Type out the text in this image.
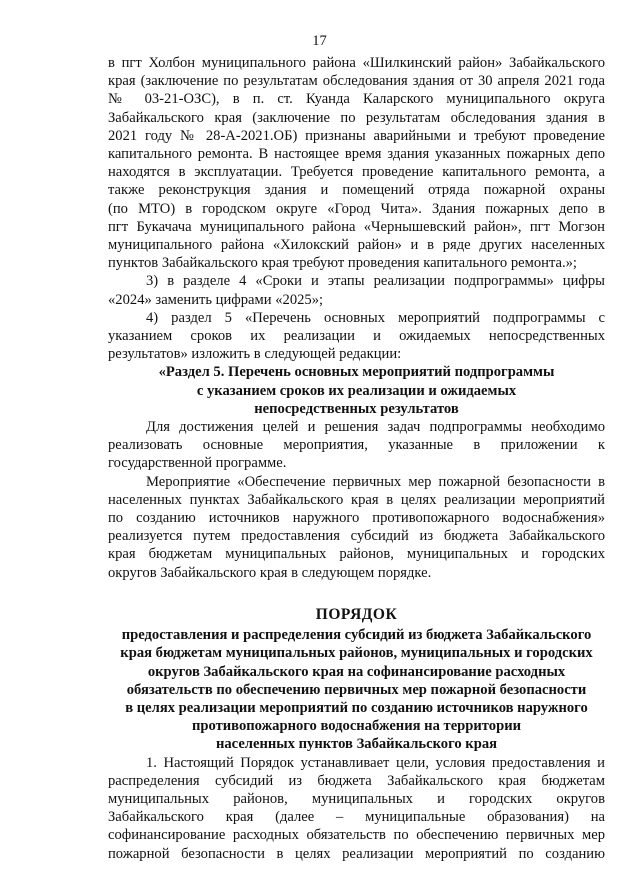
17

в пгт Холбон муниципального района «Шилкинский район» Забайкальского

края (заключение по результатам обследования здания от 30 апреля 2021 года

№ 03-21-ОЗС), в п. ст. Куанда Каларского муниципального округа

Забайкальского края (заключение по результатам обследования здания в

2021 году № 28-А-2021.ОБ) признаны аварийными и требуют проведение

капитального ремонта. В настоящее время здания указанных пожарных депо

находятся в эксплуатации. Требуется проведение капитального ремонта, а

также реконструкция здания и помещений отряда пожарной охраны

(по МТО) в городском округе «Город Чита». Здания пожарных депо в

пгт Букачача муниципального района «Чернышевский район», пгт Могзон

муниципального района «Хилокский район» и в ряде других населенных

пунктов Забайкальского края требуют проведения капитального ремонта.»;

3) в разделе 4 «Сроки и этапы реализации подпрограммы» цифры

«2024» заменить цифрами «2025»;

4) раздел 5 «Перечень основных мероприятий подпрограммы с

указанием сроков их реализации и ожидаемых непосредственных

результатов» изложить в следующей редакции:

«Раздел 5. Перечень основных мероприятий подпрограммы

с указанием сроков их реализации и ожидаемых

непосредственных результатов

Для достижения целей и решения задач подпрограммы необходимо

реализовать основные мероприятия, указанные в приложении к

государственной программе.

Мероприятие «Обеспечение первичных мер пожарной безопасности в

населенных пунктах Забайкальского края в целях реализации мероприятий

по созданию источников наружного противопожарного водоснабжения»

реализуется путем предоставления субсидий из бюджета Забайкальского

края бюджетам муниципальных районов, муниципальных и городских

округов Забайкальского края в следующем порядке.

ПОРЯДОК

предоставления и распределения субсидий из бюджета Забайкальского

края бюджетам муниципальных районов, муниципальных и городских

округов Забайкальского края на софинансирование расходных

обязательств по обеспечению первичных мер пожарной безопасности

в целях реализации мероприятий по созданию источников наружного

противопожарного водоснабжения на территории

населенных пунктов Забайкальского края

1. Настоящий Порядок устанавливает цели, условия предоставления и

распределения субсидий из бюджета Забайкальского края бюджетам

муниципальных районов, муниципальных и городских округов

Забайкальского края (далее – муниципальные образования) на

софинансирование расходных обязательств по обеспечению первичных мер

пожарной безопасности в целях реализации мероприятий по созданию
